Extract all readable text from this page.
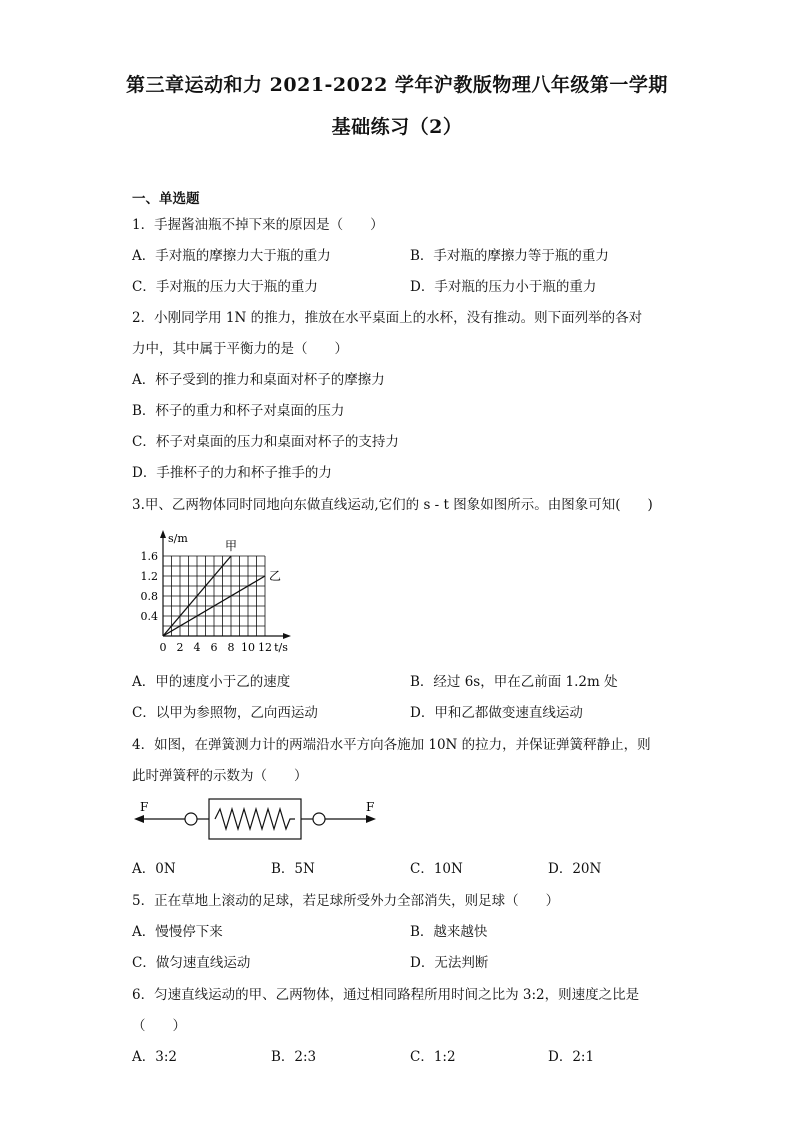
第三章运动和力 2021-2022 学年沪教版物理八年级第一学期
基础练习（2）
一、单选题
1．手握酱油瓶不掉下来的原因是（　　）
A．手对瓶的摩擦力大于瓶的重力	B．手对瓶的摩擦力等于瓶的重力
C．手对瓶的压力大于瓶的重力	D．手对瓶的压力小于瓶的重力
2．小刚同学用 1N 的推力，推放在水平桌面上的水杯，没有推动。则下面列举的各对
力中，其中属于平衡力的是（　　）
A．杯子受到的推力和桌面对杯子的摩擦力
B．杯子的重力和杯子对桌面的压力
C．杯子对桌面的压力和桌面对杯子的支持力
D．手推杯子的力和杯子推手的力
3.甲、乙两物体同时同地向东做直线运动,它们的 s - t 图象如图所示。由图象可知(　　)
0 2 4 6 8 10 12
0.4
0.8
1.2
1.6
t/s
s/m
甲
乙
A．甲的速度小于乙的速度	B．经过 6s，甲在乙前面 1.2m 处
C．以甲为参照物，乙向西运动	D．甲和乙都做变速直线运动
4．如图，在弹簧测力计的两端沿水平方向各施加 10N 的拉力，并保证弹簧秤静止，则
此时弹簧秤的示数为（　　）
F	F
A．0N	B．5N	C．10N	D．20N
5．正在草地上滚动的足球，若足球所受外力全部消失，则足球（　　）
A．慢慢停下来	B．越来越快
C．做匀速直线运动	D．无法判断
6．匀速直线运动的甲、乙两物体，通过相同路程所用时间之比为 3:2，则速度之比是
（　　）
A．3:2	B．2:3	C．1:2	D．2:1
